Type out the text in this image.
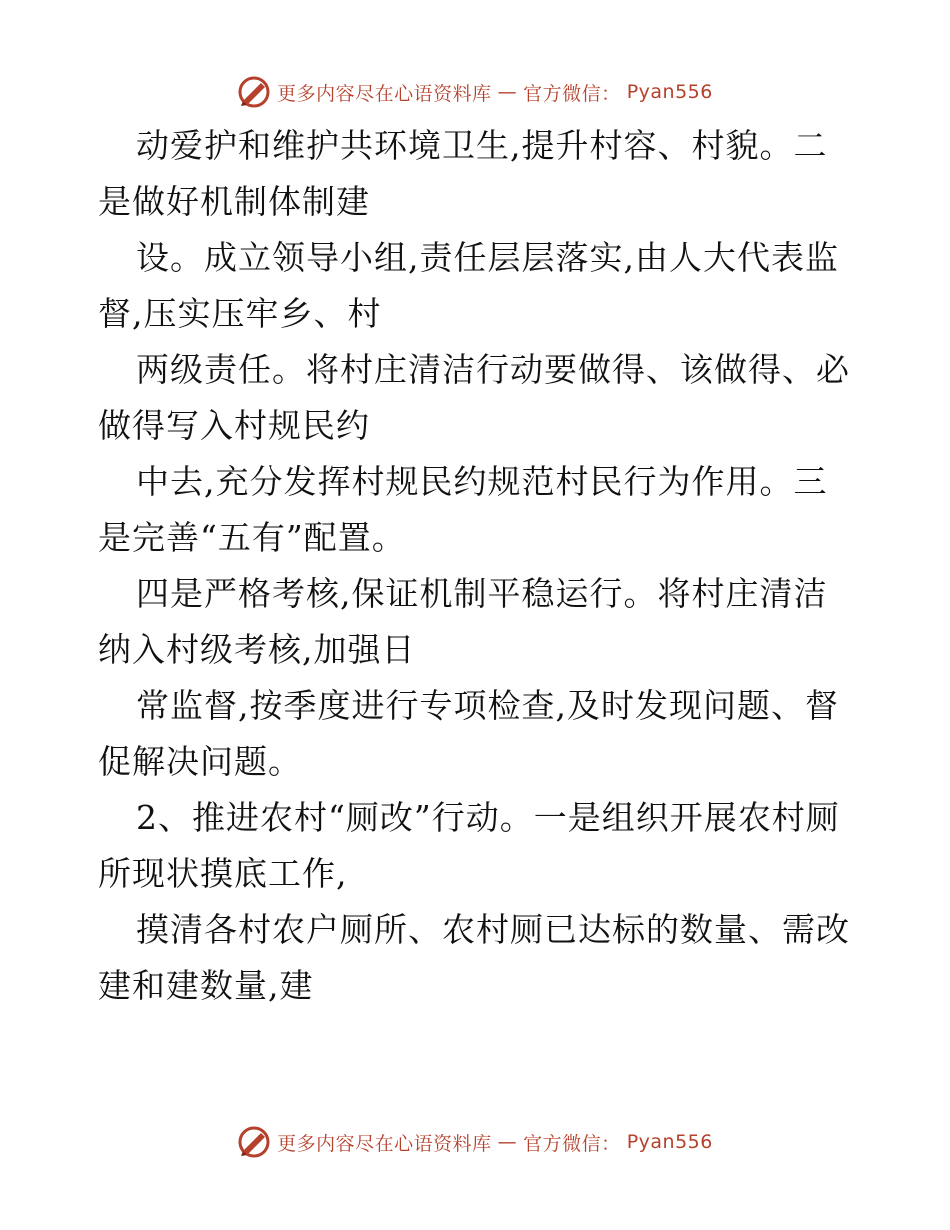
更多内容尽在心语资料库 — 官方微信： Pyan556

动爱护和维护共环境卫生,提升村容、村貌。二是做好机制体制建

设。成立领导小组,责任层层落实,由人大代表监督,压实压牢乡、村

两级责任。将村庄清洁行动要做得、该做得、必做得写入村规民约

中去,充分发挥村规民约规范村民行为作用。三是完善“五有”配置。

四是严格考核,保证机制平稳运行。将村庄清洁纳入村级考核,加强日

常监督,按季度进行专项检查,及时发现问题、督促解决问题。

2、推进农村“厕改”行动。一是组织开展农村厕所现状摸底工作,

摸清各村农户厕所、农村厕已达标的数量、需改建和建数量,建

更多内容尽在心语资料库 — 官方微信： Pyan556
